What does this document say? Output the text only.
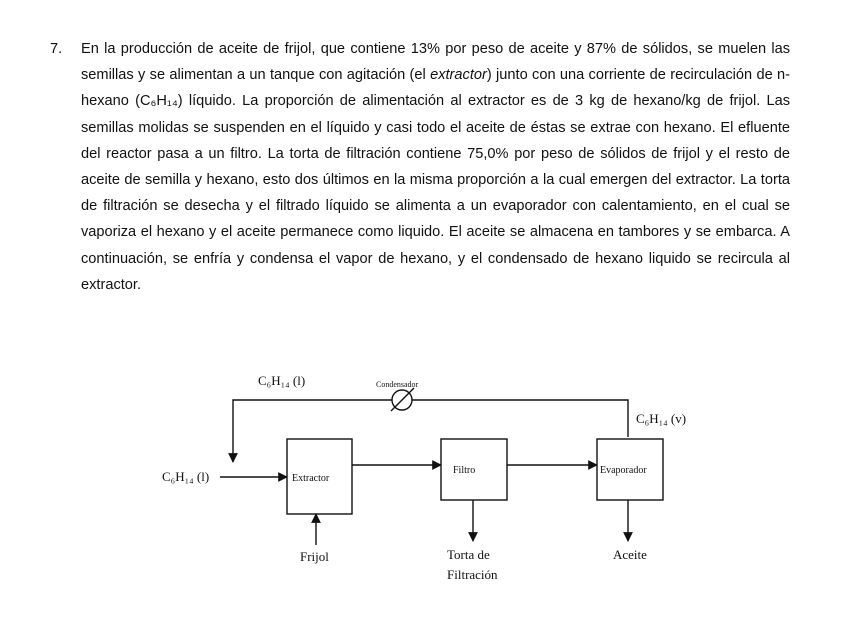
7. En la producción de aceite de frijol, que contiene 13% por peso de aceite y 87% de sólidos, se muelen las semillas y se alimentan a un tanque con agitación (el extractor) junto con una corriente de recirculación de n-hexano (C₆H₁₄) líquido. La proporción de alimentación al extractor es de 3 kg de hexano/kg de frijol. Las semillas molidas se suspenden en el líquido y casi todo el aceite de éstas se extrae con hexano. El efluente del reactor pasa a un filtro. La torta de filtración contiene 75,0% por peso de sólidos de frijol y el resto de aceite de semilla y hexano, esto dos últimos en la misma proporción a la cual emergen del extractor. La torta de filtración se desecha y el filtrado líquido se alimenta a un evaporador con calentamiento, en el cual se vaporiza el hexano y el aceite permanece como liquido. El aceite se almacena en tambores y se embarca. A continuación, se enfría y condensa el vapor de hexano, y el condensado de hexano liquido se recircula al extractor.
C₆H₁₄ (l)	Condensador
C₆H₁₄ (v)
C₆H₁₄ (l)	Extractor
Filtro	Evaporador
Frijol	Torta de
Filtración
Aceite
